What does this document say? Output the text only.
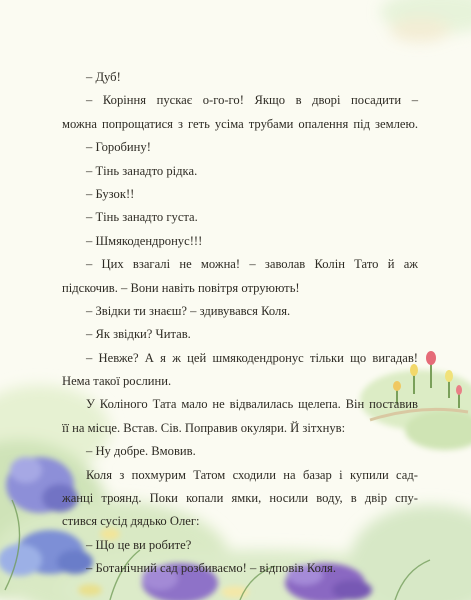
– Дуб!

– Коріння пускає о-го-го! Якщо в дворі посадити –

можна попрощатися з геть усіма трубами опалення під землею.

– Горобину!

– Тінь занадто рідка.

– Бузок!!

– Тінь занадто густа.

– Шмякодендронус!!!

– Цих взагалі не можна! – заволав Колін Тато й аж

підскочив. – Вони навіть повітря отруюють!

– Звідки ти знаєш? – здивувався Коля.

– Як звідки? Читав.

– Невже? А я ж цей шмякодендронус тільки що вигадав!

Нема такої рослини.

У Коліного Тата мало не відвалилась щелепа. Він поставив

її на місце. Встав. Сів. Поправив окуляри. Й зітхнув:

– Ну добре. Вмовив.

Коля з похмурим Татом сходили на базар і купили сад-

жанці троянд. Поки копали ямки, носили воду, в двір спу-

стився сусід дядько Олег:

– Що це ви робите?

– Ботанічний сад розбиваємо! – відповів Коля.
